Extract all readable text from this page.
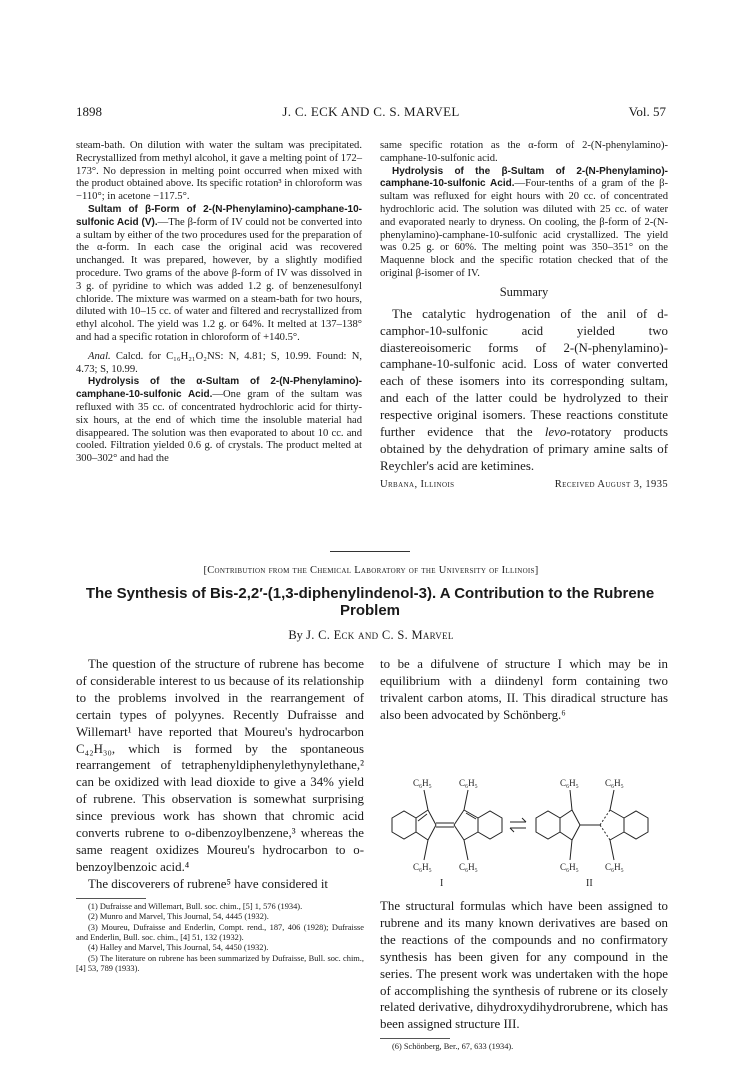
1898	J. C. ECK AND C. S. MARVEL	Vol. 57

steam-bath. On dilution with water the sultam was precipitated. Recrystallized from methyl alcohol, it gave a melting point of 172–173°. No depression in melting point occurred when mixed with the product obtained above. Its specific rotation³ in chloroform was −110°; in acetone −117.5°.

Sultam of β-Form of 2-(N-Phenylamino)-camphane-10-sulfonic Acid (V).—The β-form of IV could not be converted into a sultam by either of the two procedures used for the preparation of the α-form. In each case the original acid was recovered unchanged. It was prepared, however, by a slightly modified procedure. Two grams of the above β-form of IV was dissolved in 3 g. of pyridine to which was added 1.2 g. of benzenesulfonyl chloride. The mixture was warmed on a steam-bath for two hours, diluted with 10–15 cc. of water and filtered and recrystallized from ethyl alcohol. The yield was 1.2 g. or 64%. It melted at 137–138° and had a specific rotation in chloroform of +140.5°.

Anal. Calcd. for C₁₆H₂₁O₂NS: N, 4.81; S, 10.99. Found: N, 4.73; S, 10.99.

Hydrolysis of the α-Sultam of 2-(N-Phenylamino)-camphane-10-sulfonic Acid.—One gram of the sultam was refluxed with 35 cc. of concentrated hydrochloric acid for thirty-six hours, at the end of which time the insoluble material had disappeared. The solution was then evaporated to about 10 cc. and cooled. Filtration yielded 0.6 g. of crystals. The product melted at 300–302° and had the

same specific rotation as the α-form of 2-(N-phenylamino)-camphane-10-sulfonic acid.

Hydrolysis of the β-Sultam of 2-(N-Phenylamino)-camphane-10-sulfonic Acid.—Four-tenths of a gram of the β-sultam was refluxed for eight hours with 20 cc. of concentrated hydrochloric acid. The solution was diluted with 25 cc. of water and evaporated nearly to dryness. On cooling, the β-form of 2-(N-phenylamino)-camphane-10-sulfonic acid crystallized. The yield was 0.25 g. or 60%. The melting point was 350–351° on the Maquenne block and the specific rotation checked that of the original β-isomer of IV.

Summary

The catalytic hydrogenation of the anil of d-camphor-10-sulfonic acid yielded two diastereoisomeric forms of 2-(N-phenylamino)-camphane-10-sulfonic acid. Loss of water converted each of these isomers into its corresponding sultam, and each of the latter could be hydrolyzed to their respective original isomers. These reactions constitute further evidence that the levo-rotatory products obtained by the dehydration of primary amine salts of Reychler's acid are ketimines.

Urbana, Illinois	Received August 3, 1935
[Contribution from the Chemical Laboratory of the University of Illinois]
The Synthesis of Bis-2,2′-(1,3-diphenylindenol-3). A Contribution to the Rubrene Problem
By J. C. Eck and C. S. Marvel

The question of the structure of rubrene has become of considerable interest to us because of its relationship to the problems involved in the rearrangement of certain types of polyynes. Recently Dufraisse and Willemart¹ have reported that Moureu's hydrocarbon C₄₂H₃₀, which is formed by the spontaneous rearrangement of tetraphenyldiphenylethynylethane,² can be oxidized with lead dioxide to give a 34% yield of rubrene. This observation is somewhat surprising since previous work has shown that chromic acid converts rubrene to o-dibenzoylbenzene,³ whereas the same reagent oxidizes Moureu's hydrocarbon to o-benzoylbenzoic acid.⁴

The discoverers of rubrene⁵ have considered it

(1) Dufraisse and Willemart, Bull. soc. chim., [5] 1, 576 (1934).

(2) Munro and Marvel, This Journal, 54, 4445 (1932).

(3) Moureu, Dufraisse and Enderlin, Compt. rend., 187, 406 (1928); Dufraisse and Enderlin, Bull. soc. chim., [4] 51, 132 (1932).

(4) Halley and Marvel, This Journal, 54, 4450 (1932).

(5) The literature on rubrene has been summarized by Dufraisse, Bull. soc. chim., [4] 53, 789 (1933).

to be a difulvene of structure I which may be in equilibrium with a diindenyl form containing two trivalent carbon atoms, II. This diradical structure has also been advocated by Schönberg.⁶

C₆H₅	C₆H₅
C₆H₅	C₆H₅
C₆H₅	C₆H₅
C₆H₅	C₆H₅
I	II

The structural formulas which have been assigned to rubrene and its many known derivatives are based on the reactions of the compounds and no confirmatory synthesis has been given for any compound in the series. The present work was undertaken with the hope of accomplishing the synthesis of rubrene or its closely related derivative, dihydroxydihydrorubrene, which has been assigned structure III.

(6) Schönberg, Ber., 67, 633 (1934).
